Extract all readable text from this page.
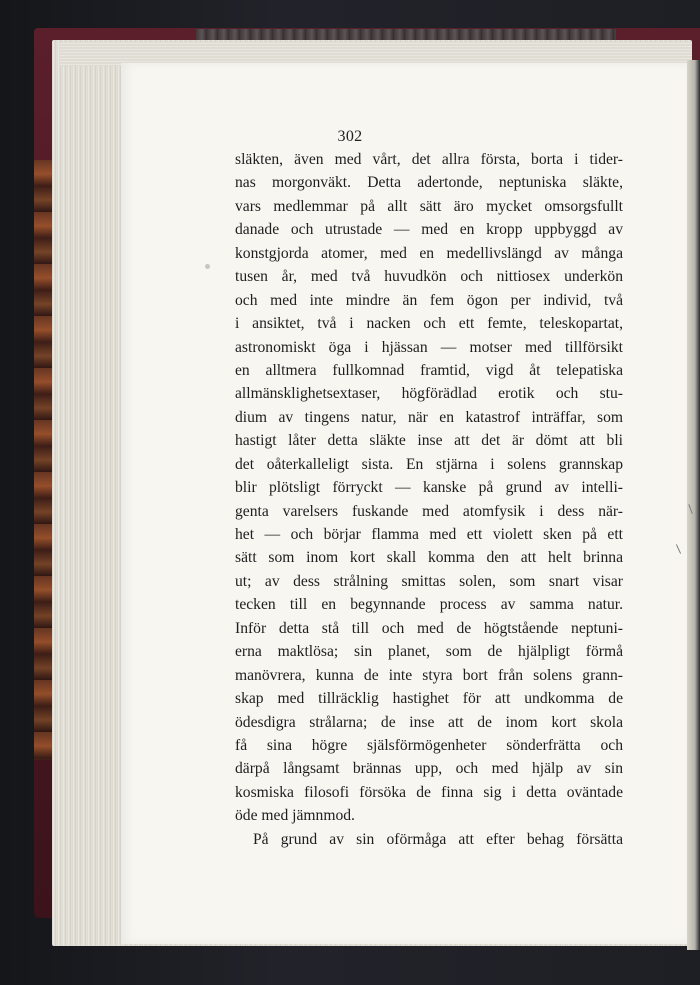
302
släkten, även med vårt, det allra första, borta i tider-
nas morgonväkt. Detta adertonde, neptuniska släkte,
vars medlemmar på allt sätt äro mycket omsorgsfullt
danade och utrustade — med en kropp uppbyggd av
konstgjorda atomer, med en medellivslängd av många
tusen år, med två huvudkön och nittiosex underkön
och med inte mindre än fem ögon per individ, två
i ansiktet, två i nacken och ett femte, teleskopartat,
astronomiskt öga i hjässan — motser med tillförsikt
en alltmera fullkomnad framtid, vigd åt telepatiska
allmänsklighetsextaser, högförädlad erotik och stu-
dium av tingens natur, när en katastrof inträffar, som
hastigt låter detta släkte inse att det är dömt att bli
det oåterkalleligt sista. En stjärna i solens grannskap
blir plötsligt förryckt — kanske på grund av intelli-
genta varelsers fuskande med atomfysik i dess när-
het — och börjar flamma med ett violett sken på ett
sätt som inom kort skall komma den att helt brinna
ut; av dess strålning smittas solen, som snart visar
tecken till en begynnande process av samma natur.
Inför detta stå till och med de högtstående neptuni-
erna maktlösa; sin planet, som de hjälpligt förmå
manövrera, kunna de inte styra bort från solens grann-
skap med tillräcklig hastighet för att undkomma de
ödesdigra strålarna; de inse att de inom kort skola
få sina högre själsförmögenheter sönderfrätta och
därpå långsamt brännas upp, och med hjälp av sin
kosmiska filosofi försöka de finna sig i detta oväntade
öde med jämnmod.
På grund av sin oförmåga att efter behag försätta
